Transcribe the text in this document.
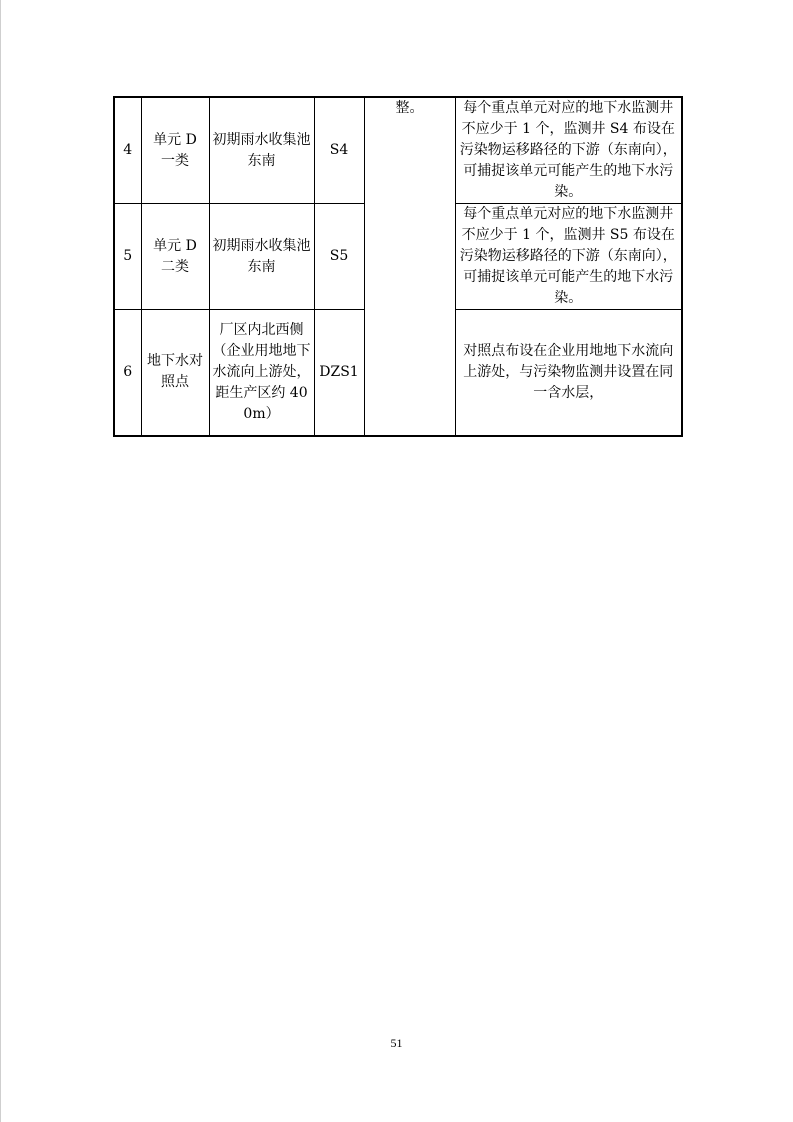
4	单元 D 一类	初期雨水收集池东南	S4	整。	每个重点单元对应的地下水监测井不应少于 1 个，监测井 S4 布设在污染物运移路径的下游（东南向），可捕捉该单元可能产生的地下水污染。
5	单元 D 二类	初期雨水收集池东南	S5		每个重点单元对应的地下水监测井不应少于 1 个，监测井 S5 布设在污染物运移路径的下游（东南向），可捕捉该单元可能产生的地下水污染。
6	地下水对照点	厂区内北西侧（企业用地地下水流向上游处，距生产区约 400m）	DZS1		对照点布设在企业用地地下水流向上游处，与污染物监测井设置在同一含水层，
51
